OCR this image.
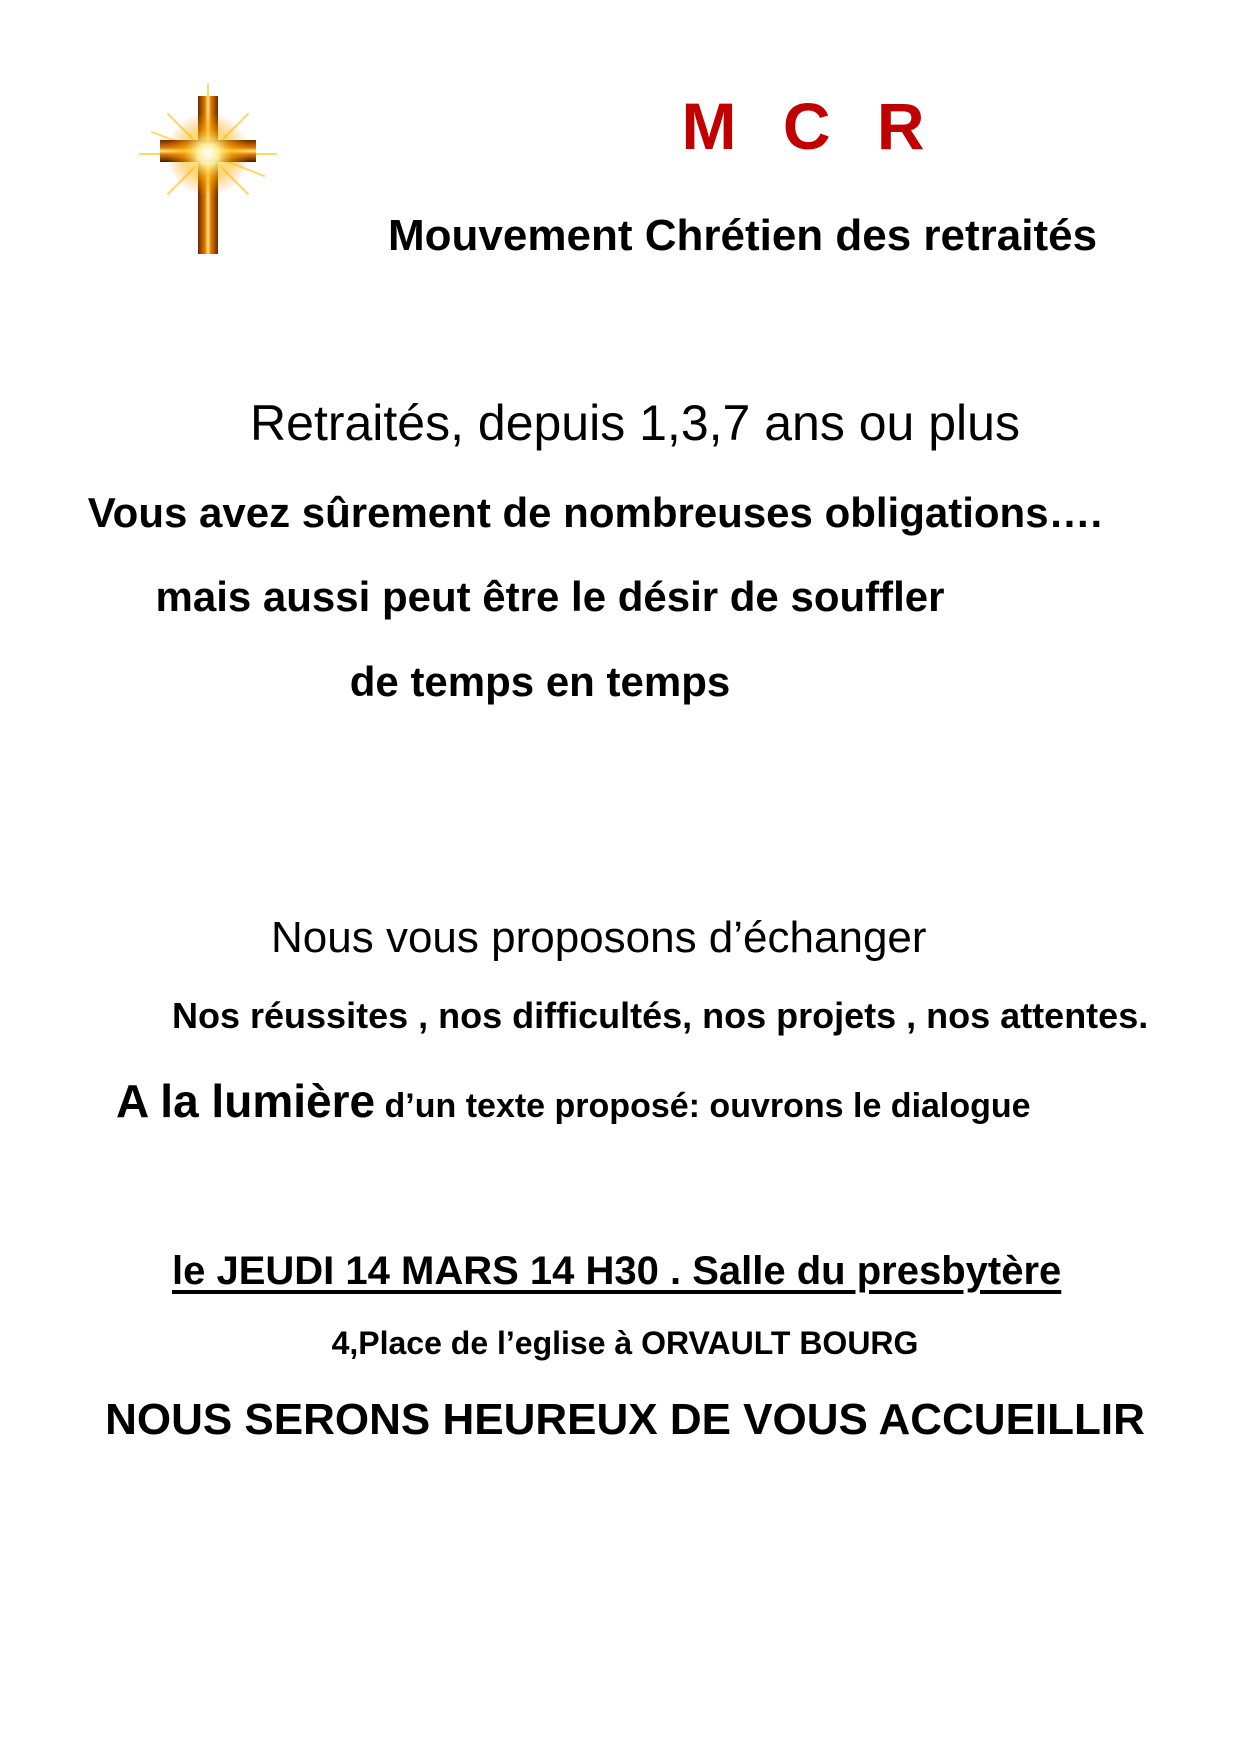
M C R
Mouvement Chrétien des retraités
Retraités, depuis 1,3,7 ans ou plus
Vous avez sûrement de nombreuses obligations….
mais aussi peut être le désir de souffler
de temps en temps
Nous vous proposons d’échanger
Nos réussites , nos difficultés, nos projets , nos attentes.
A la lumière d’un texte proposé: ouvrons le dialogue
le JEUDI 14 MARS 14 H30 . Salle du presbytère
4,Place de l’eglise à ORVAULT BOURG
NOUS SERONS HEUREUX DE VOUS ACCUEILLIR
